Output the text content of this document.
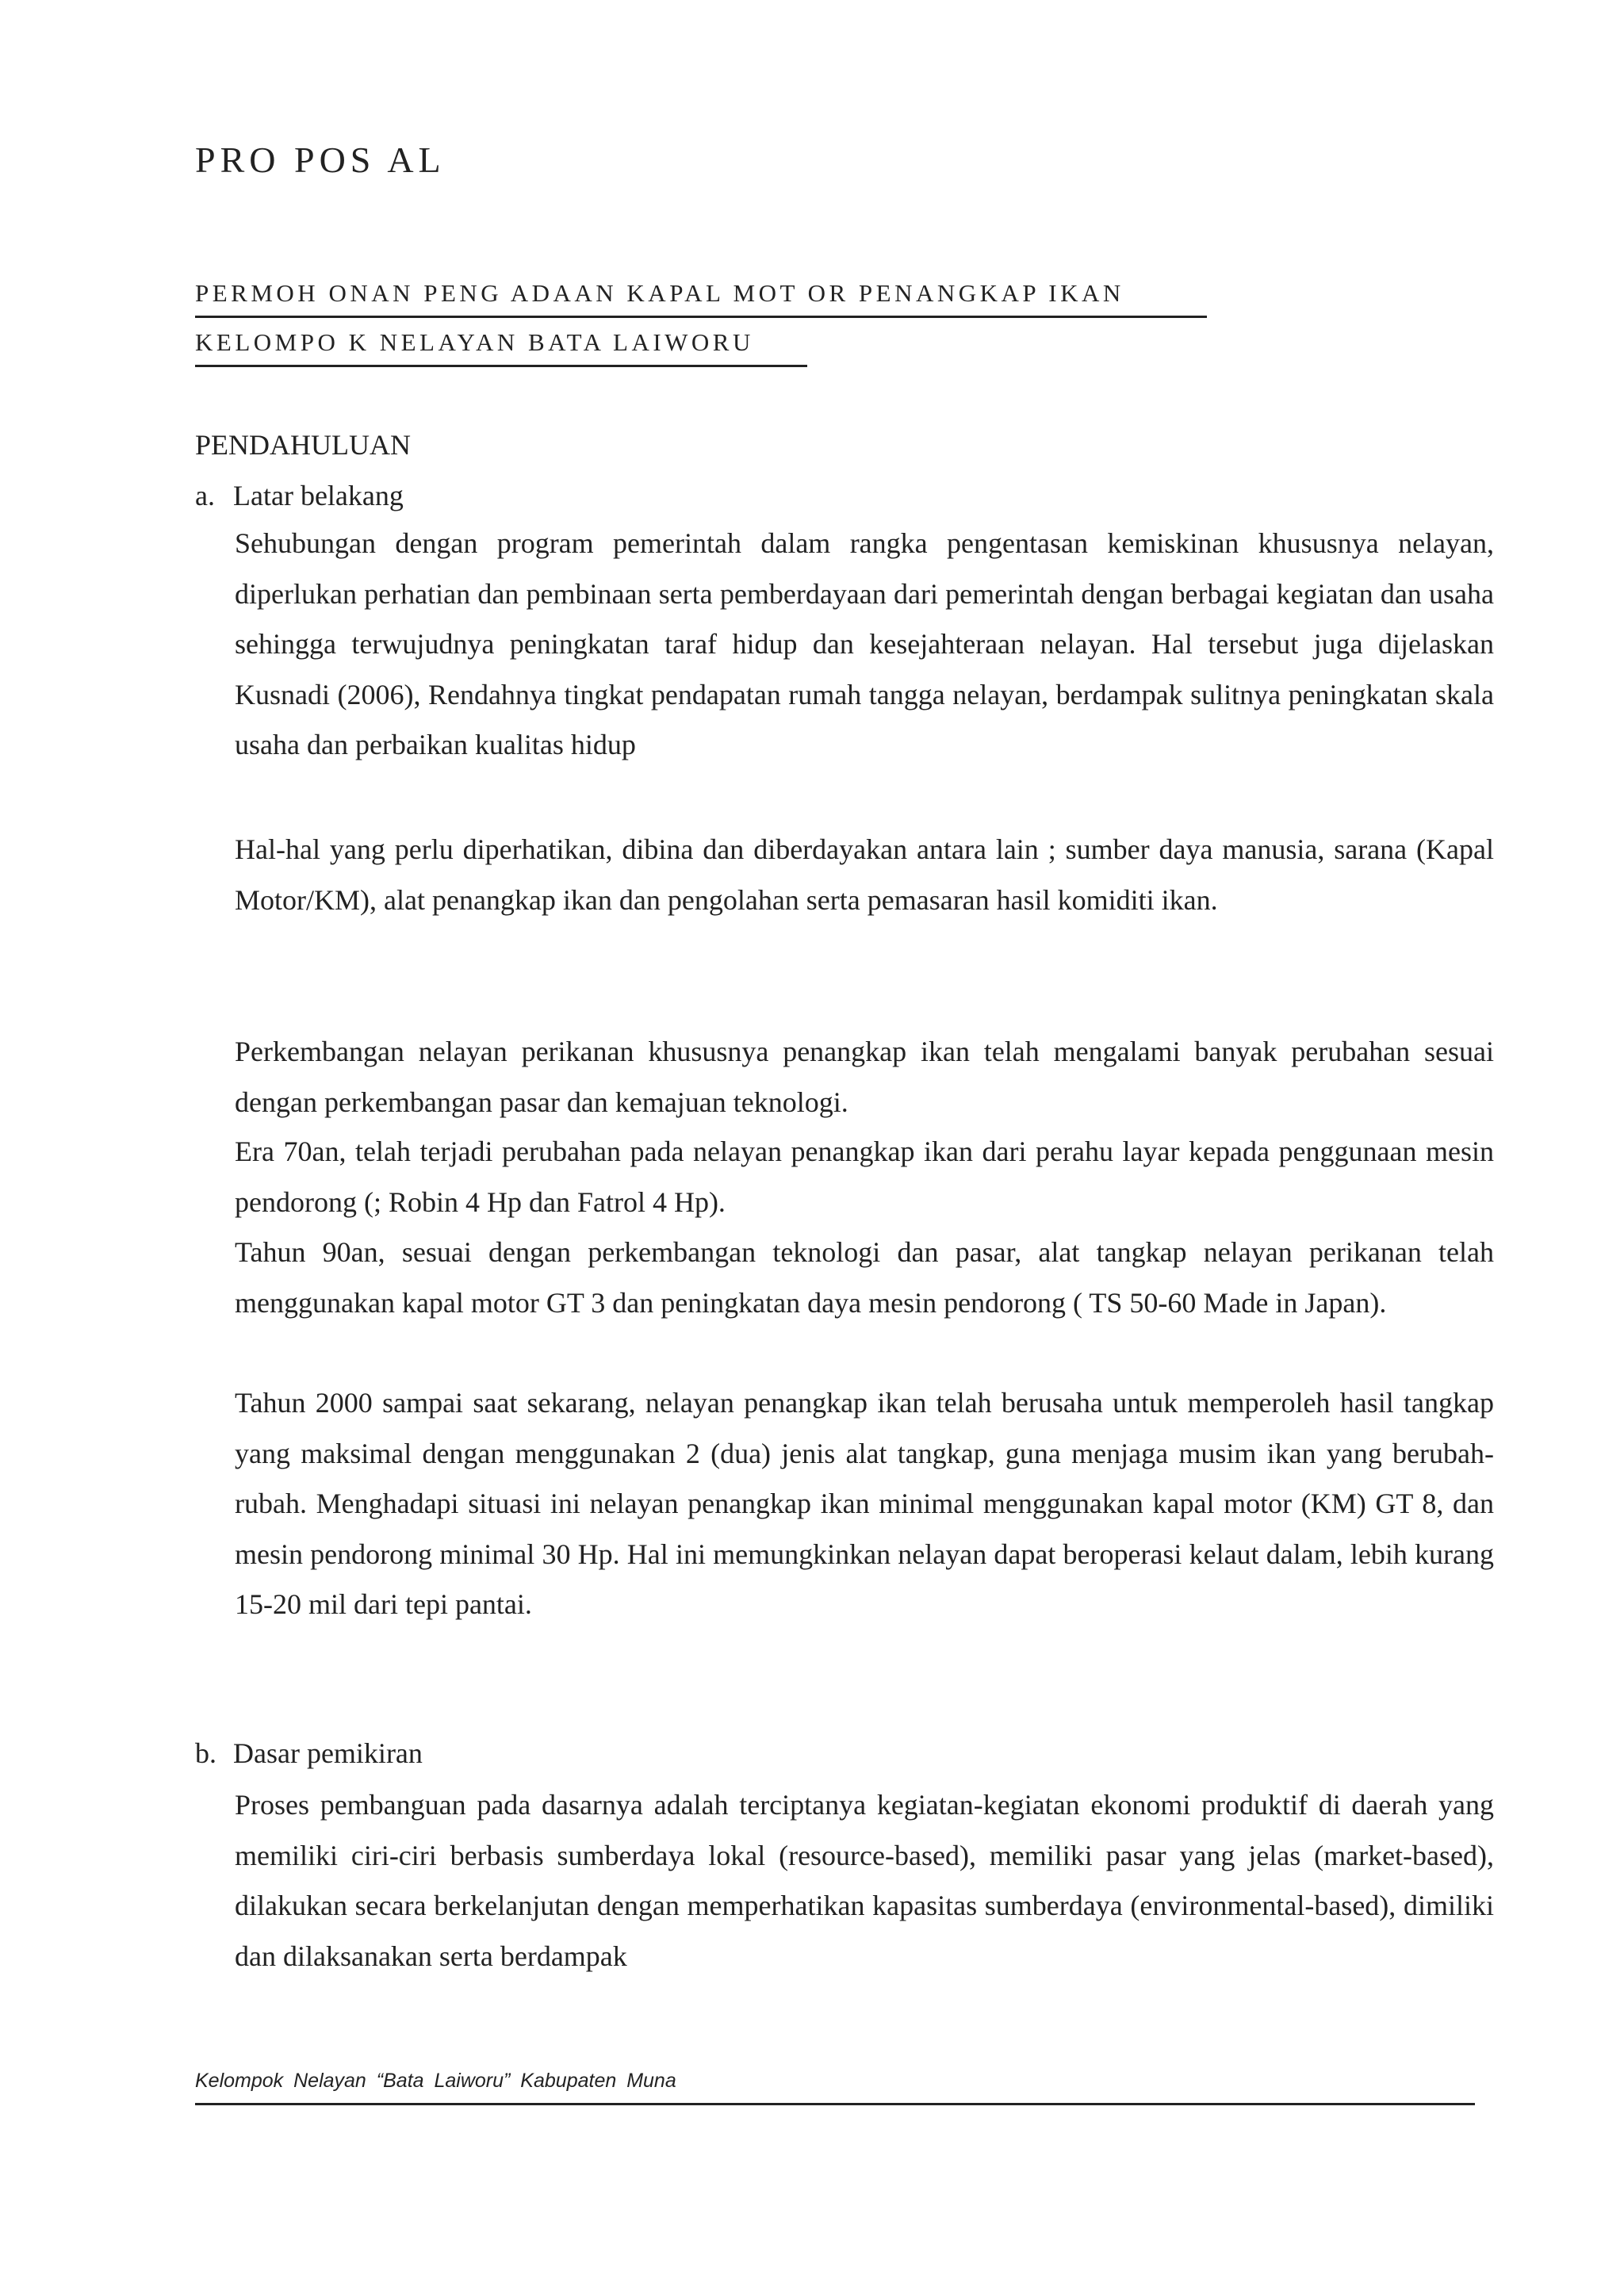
PRO POS AL
PERMOH ONAN PENG ADAAN KAPAL MOT OR PENANGKAP IKAN
KELOMPO K NELAYAN BATA LAIWORU
PENDAHULUAN
a. Latar belakang

Sehubungan dengan program pemerintah dalam rangka pengentasan kemiskinan khususnya nelayan, diperlukan perhatian dan pembinaan serta pemberdayaan dari pemerintah dengan berbagai kegiatan dan usaha sehingga terwujudnya peningkatan taraf hidup dan kesejahteraan nelayan. Hal tersebut juga dijelaskan Kusnadi (2006), Rendahnya tingkat pendapatan rumah tangga nelayan, berdampak sulitnya peningkatan skala usaha dan perbaikan kualitas hidup

Hal-hal yang perlu diperhatikan, dibina dan diberdayakan antara lain ; sumber daya manusia, sarana (Kapal Motor/KM), alat penangkap ikan dan pengolahan serta pemasaran hasil komiditi ikan.

Perkembangan nelayan perikanan khususnya penangkap ikan telah mengalami banyak perubahan sesuai dengan perkembangan pasar dan kemajuan teknologi.

Era 70an, telah terjadi perubahan pada nelayan penangkap ikan dari perahu layar kepada penggunaan mesin pendorong (; Robin 4 Hp dan Fatrol 4 Hp).

Tahun 90an, sesuai dengan perkembangan teknologi dan pasar, alat tangkap nelayan perikanan telah menggunakan kapal motor GT 3 dan peningkatan daya mesin pendorong ( TS 50-60 Made in Japan).

Tahun 2000 sampai saat sekarang, nelayan penangkap ikan telah berusaha untuk memperoleh hasil tangkap yang maksimal dengan menggunakan 2 (dua) jenis alat tangkap, guna menjaga musim ikan yang berubah-rubah. Menghadapi situasi ini nelayan penangkap ikan minimal menggunakan kapal motor (KM) GT 8, dan mesin pendorong minimal 30 Hp. Hal ini memungkinkan nelayan dapat beroperasi kelaut dalam, lebih kurang 15-20 mil dari tepi pantai.

b. Dasar pemikiran

Proses pembanguan pada dasarnya adalah terciptanya kegiatan-kegiatan ekonomi produktif di daerah yang memiliki ciri-ciri berbasis sumberdaya lokal (resource-based), memiliki pasar yang jelas (market-based), dilakukan secara berkelanjutan dengan memperhatikan kapasitas sumberdaya (environmental-based), dimiliki dan dilaksanakan serta berdampak

Kelompok Nelayan “Bata Laiworu” Kabupaten Muna
